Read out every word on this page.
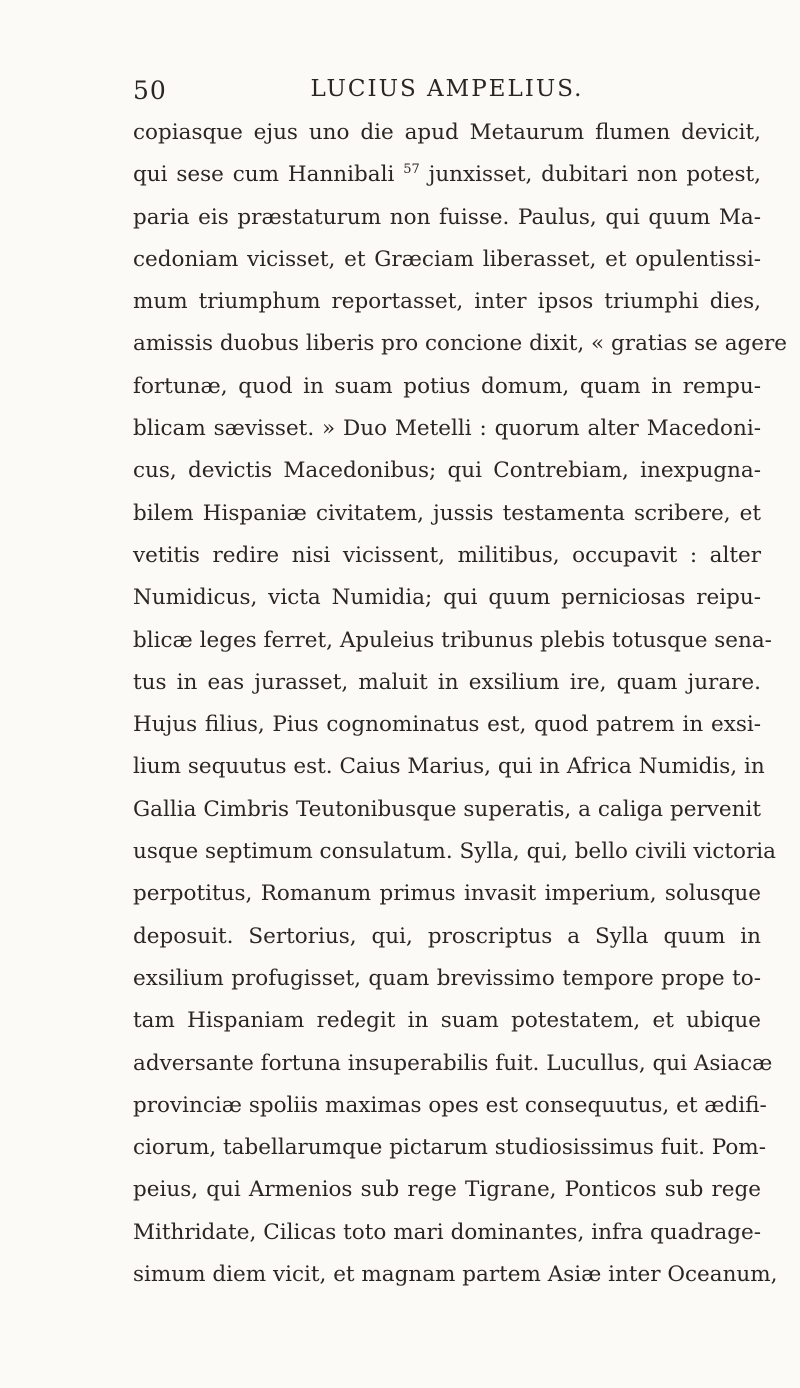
50	LUCIUS AMPELIUS.
copiasque ejus uno die apud Metaurum flumen devicit,
qui sese cum Hannibali $^{57}$ junxisset, dubitari non potest,
paria eis præstaturum non fuisse. Paulus, qui quum Ma-
cedoniam vicisset, et Græciam liberasset, et opulentissi-
mum triumphum reportasset, inter ipsos triumphi dies,
amissis duobus liberis pro concione dixit, « gratias se agere
fortunæ, quod in suam potius domum, quam in rempu-
blicam sævisset. » Duo Metelli : quorum alter Macedoni-
cus, devictis Macedonibus; qui Contrebiam, inexpugna-
bilem Hispaniæ civitatem, jussis testamenta scribere, et
vetitis redire nisi vicissent, militibus, occupavit : alter
Numidicus, victa Numidia; qui quum perniciosas reipu-
blicæ leges ferret, Apuleius tribunus plebis totusque sena-
tus in eas jurasset, maluit in exsilium ire, quam jurare.
Hujus filius, Pius cognominatus est, quod patrem in exsi-
lium sequutus est. Caius Marius, qui in Africa Numidis, in
Gallia Cimbris Teutonibusque superatis, a caliga pervenit
usque septimum consulatum. Sylla, qui, bello civili victoria
perpotitus, Romanum primus invasit imperium, solusque
deposuit. Sertorius, qui, proscriptus a Sylla quum in
exsilium profugisset, quam brevissimo tempore prope to-
tam Hispaniam redegit in suam potestatem, et ubique
adversante fortuna insuperabilis fuit. Lucullus, qui Asiacæ
provinciæ spoliis maximas opes est consequutus, et ædifi-
ciorum, tabellarumque pictarum studiosissimus fuit. Pom-
peius, qui Armenios sub rege Tigrane, Ponticos sub rege
Mithridate, Cilicas toto mari dominantes, infra quadrage-
simum diem vicit, et magnam partem Asiæ inter Oceanum,
